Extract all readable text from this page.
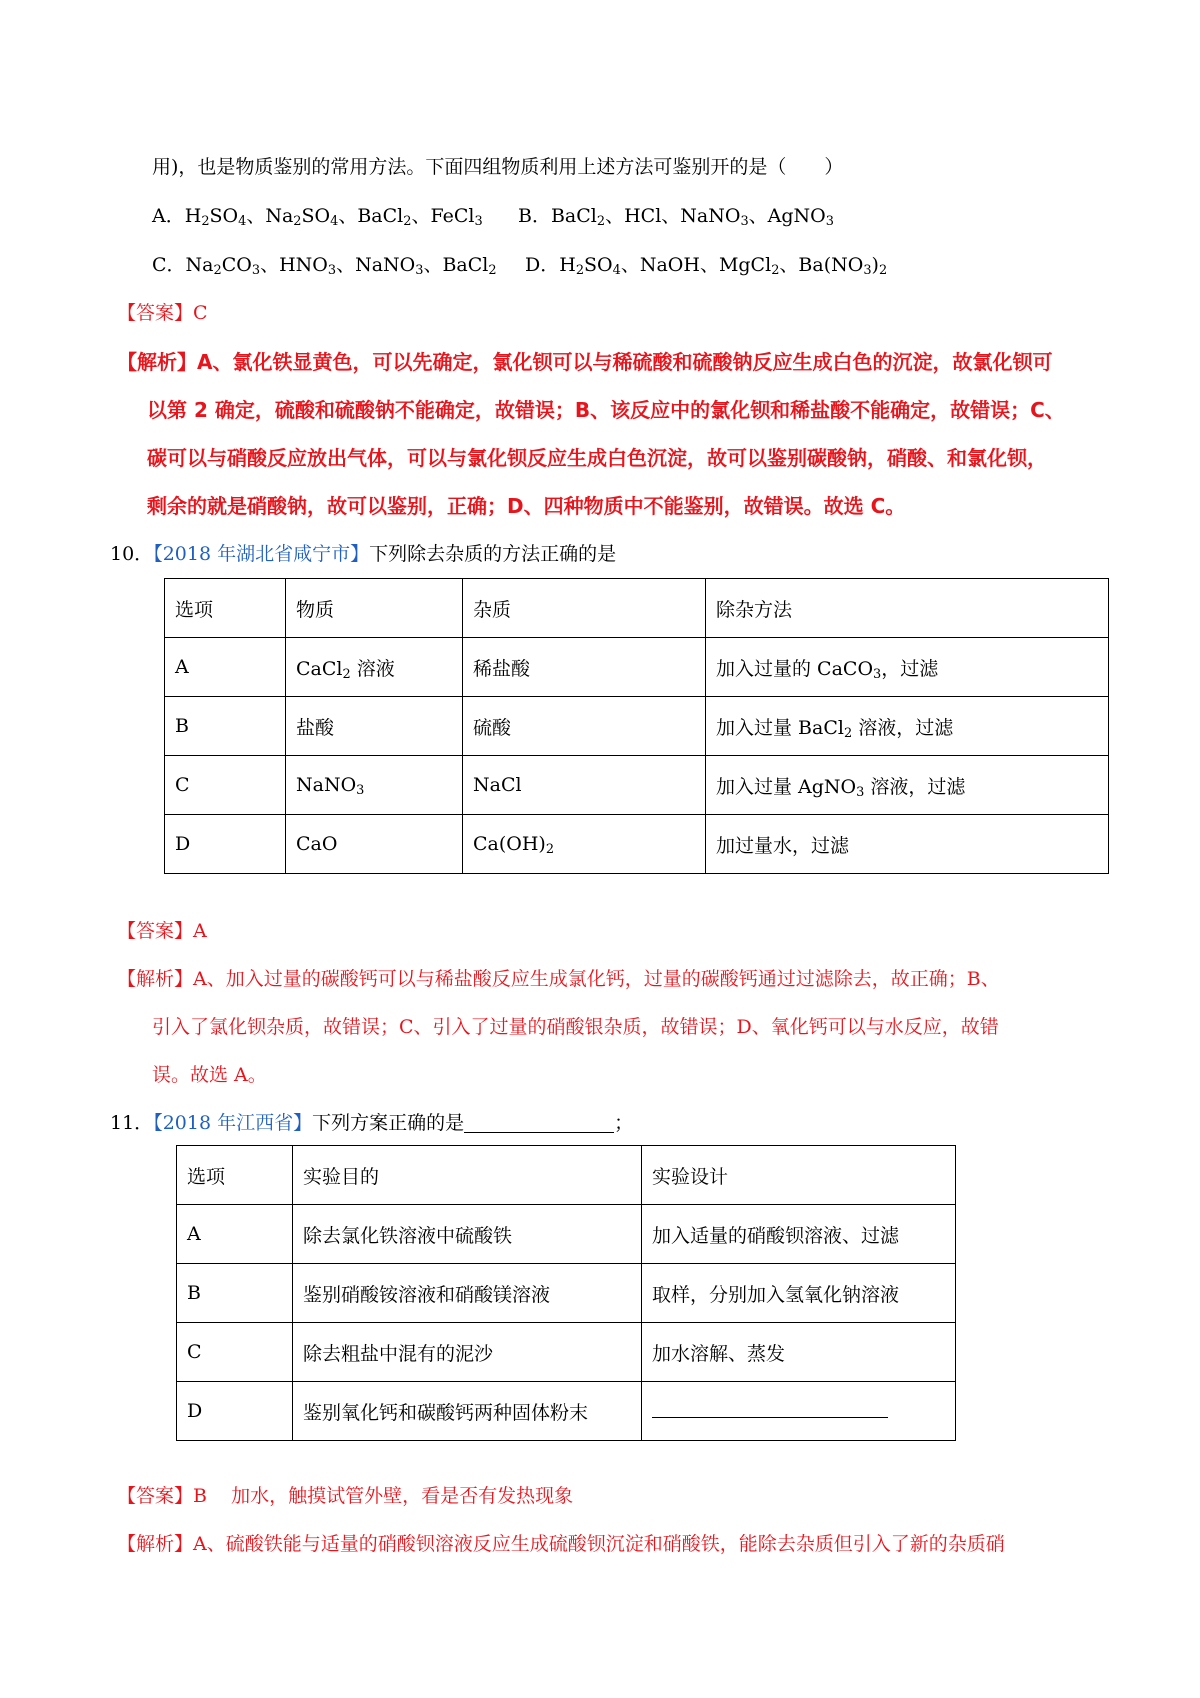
用)，也是物质鉴别的常用方法。下面四组物质利用上述方法可鉴别开的是（　　）
A．$H_2SO_4$、$Na_2SO_4$、BaCl$_2$、FeCl$_3$ B．BaCl$_2$、HCl、NaNO$_3$、AgNO$_3$
C．$Na_2CO_3$、$HNO_3$、NaNO$_3$、BaCl$_2$ D．$H_2SO_4$、NaOH、MgCl$_2$、$Ba(NO_3)_2$
【答案】C
【解析】A、氯化铁显黄色，可以先确定，氯化钡可以与稀硫酸和硫酸钠反应生成白色的沉淀，故氯化钡可
以第 2 确定，硫酸和硫酸钠不能确定，故错误；B、该反应中的氯化钡和稀盐酸不能确定，故错误；C、
碳可以与硝酸反应放出气体，可以与氯化钡反应生成白色沉淀，故可以鉴别碳酸钠，硝酸、和氯化钡，
剩余的就是硝酸钠，故可以鉴别，正确；D、四种物质中不能鉴别，故错误。故选 C。
10．【2018 年湖北省咸宁市】下列除去杂质的方法正确的是
选项	物质	杂质	除杂方法
A	CaCl$_2$ 溶液	稀盐酸	加入过量的 CaCO$_3$，过滤
B	盐酸	硫酸	加入过量 BaCl$_2$ 溶液，过滤
C	NaNO$_3$	NaCl	加入过量 AgNO$_3$ 溶液，过滤
D	CaO	$Ca(OH)_2$	加过量水，过滤
【答案】A
【解析】A、加入过量的碳酸钙可以与稀盐酸反应生成氯化钙，过量的碳酸钙通过过滤除去，故正确；B、
引入了氯化钡杂质，故错误；C、引入了过量的硝酸银杂质，故错误；D、氧化钙可以与水反应，故错
误。故选 A。
11．【2018 年江西省】下列方案正确的是	；
选项	实验目的	实验设计
A	除去氯化铁溶液中硫酸铁	加入适量的硝酸钡溶液、过滤
B	鉴别硝酸铵溶液和硝酸镁溶液	取样，分别加入氢氧化钠溶液
C	除去粗盐中混有的泥沙	加水溶解、蒸发
D	鉴别氧化钙和碳酸钙两种固体粉末	
【答案】B 加水，触摸试管外壁，看是否有发热现象
【解析】A、硫酸铁能与适量的硝酸钡溶液反应生成硫酸钡沉淀和硝酸铁，能除去杂质但引入了新的杂质硝
